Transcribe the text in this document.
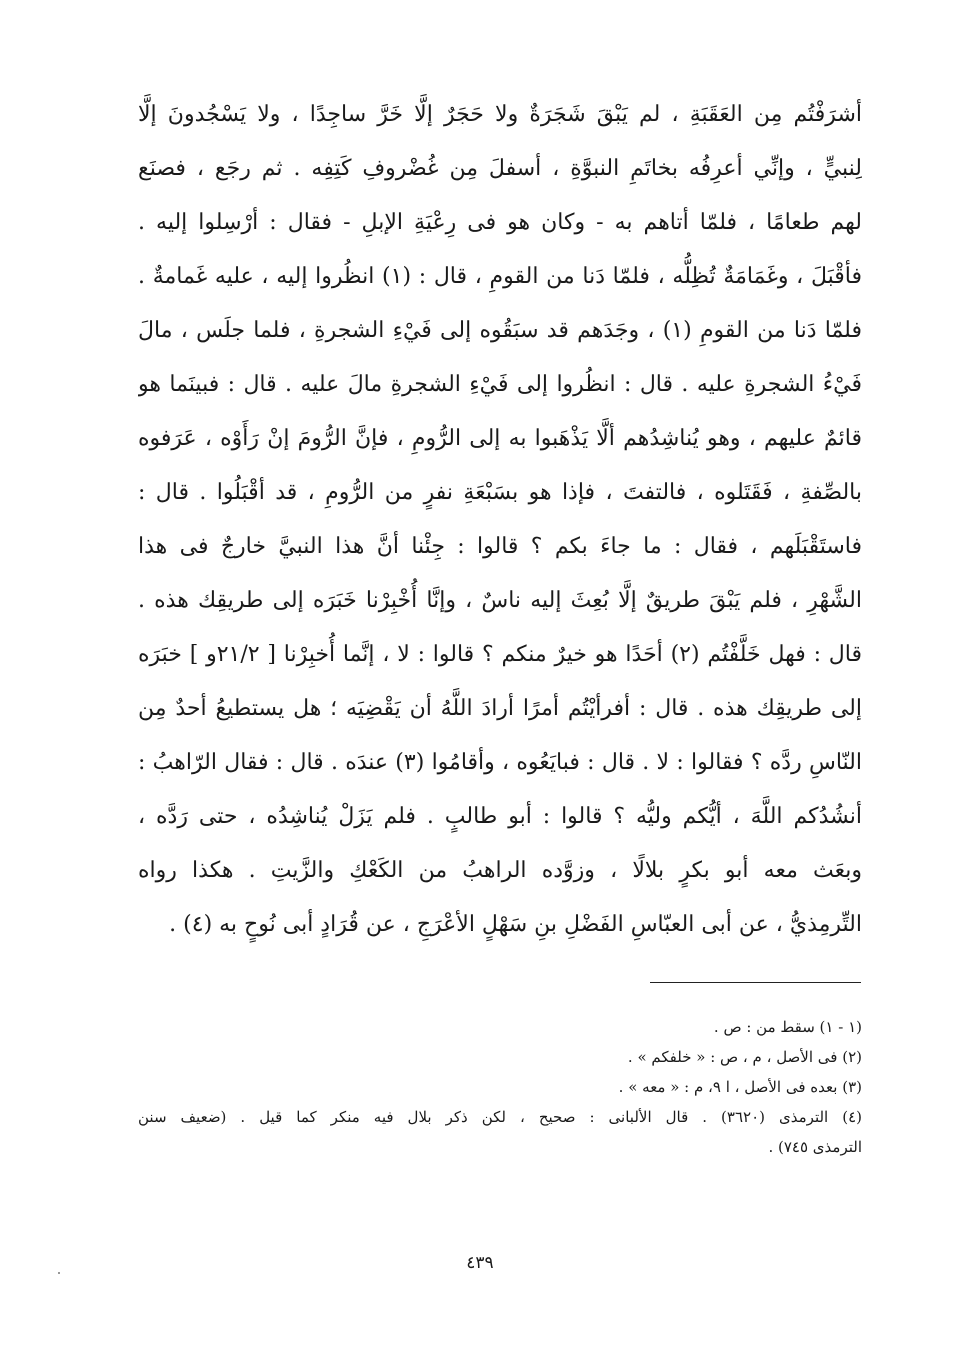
أشرَفْتُم مِن العَقَبَةِ ، لم يَبْقَ شَجَرَةٌ ولا حَجَرٌ إلَّا خَرَّ ساجِدًا ، ولا يَسْجُدونَ إلَّا
لِنبيٍّ ، وإنِّي أعرِفُه بخاتَمِ النبوَّةِ ، أسفلَ مِن غُضْروفِ كَتِفِه . ثم رجَع ، فصنَع
لهم طعامًا ، فلمّا أتاهم به - وكان هو فى رِعْيَةِ الإبلِ - فقال : أرْسِلوا إليه .
فأقْبَلَ ، وغَمَامَةٌ تُظِلُّه ، فلمّا دَنا من القومِ ، قال : (١) انظُروا إليه ، عليه غَمامةٌ .
فلمّا دَنا من القومِ (١) ، وجَدَهم قد سبَقُوه إلى فَيْءِ الشجرةِ ، فلما جلَس ، مالَ
فَيْءُ الشجرةِ عليه . قال : انظُروا إلى فَيْءِ الشجرةِ مالَ عليه . قال : فبينَما هو
قائمٌ عليهم ، وهو يُناشِدُهم ألَّا يَذْهَبوا به إلى الرُّومِ ، فإنَّ الرُّومَ إنْ رَأَوْه ، عَرَفوه
بالصِّفةِ ، فَقَتَلوه ، فالتفتَ ، فإذا هو بسَبْعَةِ نفرٍ من الرُّومِ ، قد أقْبَلُوا . قال :
فاستَقْبَلَهم ، فقال : ما جاءَ بكم ؟ قالوا : جِئْنا أنَّ هذا النبيَّ خارجٌ فى هذا
الشَّهْرِ ، فلم يَبْقَ طريقٌ إلَّا بُعِثَ إليه ناسٌ ، وإنَّا أُخْبِرْنا خَبَرَه إلى طريقِك هذه .
قال : فهل خَلَّفْتُم (٢) أحَدًا هو خيرٌ منكم ؟ قالوا : لا ، إنَّما أُخبِرْنا [ ٢١/٢و ] خبَرَه
إلى طريقِك هذه . قال : أفرأيْتُم أمرًا أرادَ اللَّهُ أن يَقْضِيَه ؛ هل يستطيعُ أحدٌ مِن
النّاسِ ردَّه ؟ فقالوا : لا . قال : فبايَعُوه ، وأقامُوا (٣) عندَه . قال : فقال الرّاهبُ :
أنشُدُكم اللَّهَ ، أيُّكم وليُّه ؟ قالوا : أبو طالبٍ . فلم يَزَلْ يُناشِدُه ، حتى رَدَّه ،
وبعَث معه أبو بكرٍ بلالًا ، وزوَّده الراهبُ من الكَعْكِ والزَّيتِ . هكذا رواه
التِّرمِذيُّ ، عن أبى العبّاسِ الفَضْلِ بنِ سَهْلٍ الأعْرَجِ ، عن قُرَادٍ أبى نُوحٍ به (٤) .
(١ - ١) سقط من : ص .
(٢) فى الأصل ، م ، ص : « خلفكم » .
(٣) بعده فى الأصل ، ا ٩، م : « معه » .
(٤) الترمذى (٣٦٢٠) . قال الألبانى : صحيح ، لكن ذكر بلال فيه منكر كما قيل . (ضعيف سنن
الترمذى ٧٤٥) .
٤٣٩
